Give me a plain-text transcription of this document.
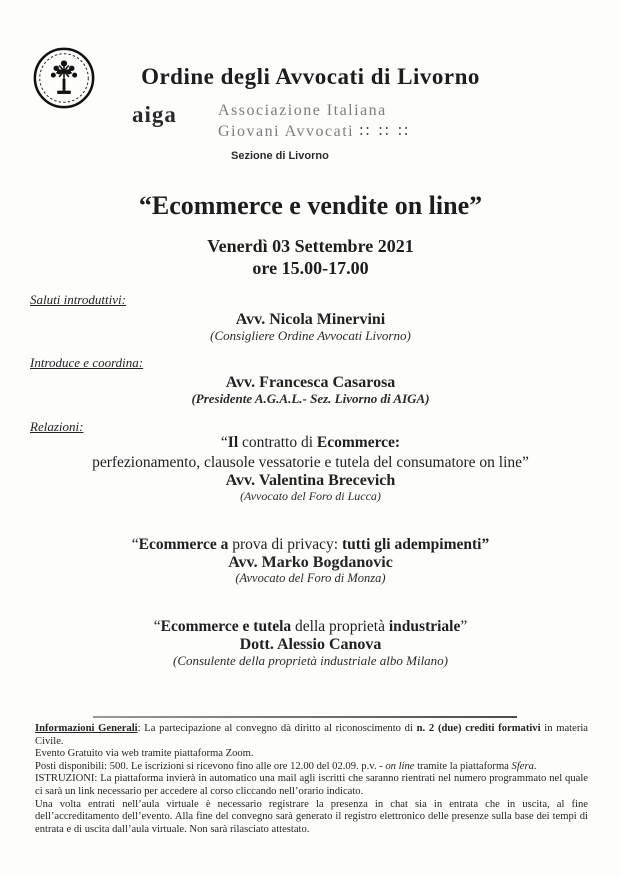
Ordine degli Avvocati di Livorno
aiga	Associazione Italiana
Giovani Avvocati ∷ ∷ ∷
Sezione di Livorno
“Ecommerce e vendite on line”
Venerdì 03 Settembre 2021
ore 15.00-17.00
Saluti introduttivi:
Avv. Nicola Minervini
(Consigliere Ordine Avvocati Livorno)
Introduce e coordina:
Avv. Francesca Casarosa
(Presidente A.G.A.L.- Sez. Livorno di AIGA)
Relazioni:
“Il contratto di Ecommerce:
perfezionamento, clausole vessatorie e tutela del consumatore on line”
Avv. Valentina Brecevich
(Avvocato del Foro di Lucca)
“Ecommerce a prova di privacy: tutti gli adempimenti”
Avv. Marko Bogdanovic
(Avvocato del Foro di Monza)
“Ecommerce e tutela della proprietà industriale”
Dott. Alessio Canova
(Consulente della proprietà industriale albo Milano)

Informazioni Generali: La partecipazione al convegno dà diritto al riconoscimento di n. 2 (due) crediti formativi in materia Civile.

Evento Gratuito via web tramite piattaforma Zoom.

Posti disponibili: 500. Le iscrizioni si ricevono fino alle ore 12.00 del 02.09. p.v. - on line tramite la piattaforma Sfera.

ISTRUZIONI: La piattaforma invierà in automatico una mail agli iscritti che saranno rientrati nel numero programmato nel quale ci sarà un link necessario per accedere al corso cliccando nell’orario indicato.

Una volta entrati nell’aula virtuale è necessario registrare la presenza in chat sia in entrata che in uscita, al fine dell’accreditamento dell’evento. Alla fine del convegno sarà generato il registro elettronico delle presenze sulla base dei tempi di entrata e di uscita dall’aula virtuale. Non sarà rilasciato attestato.
